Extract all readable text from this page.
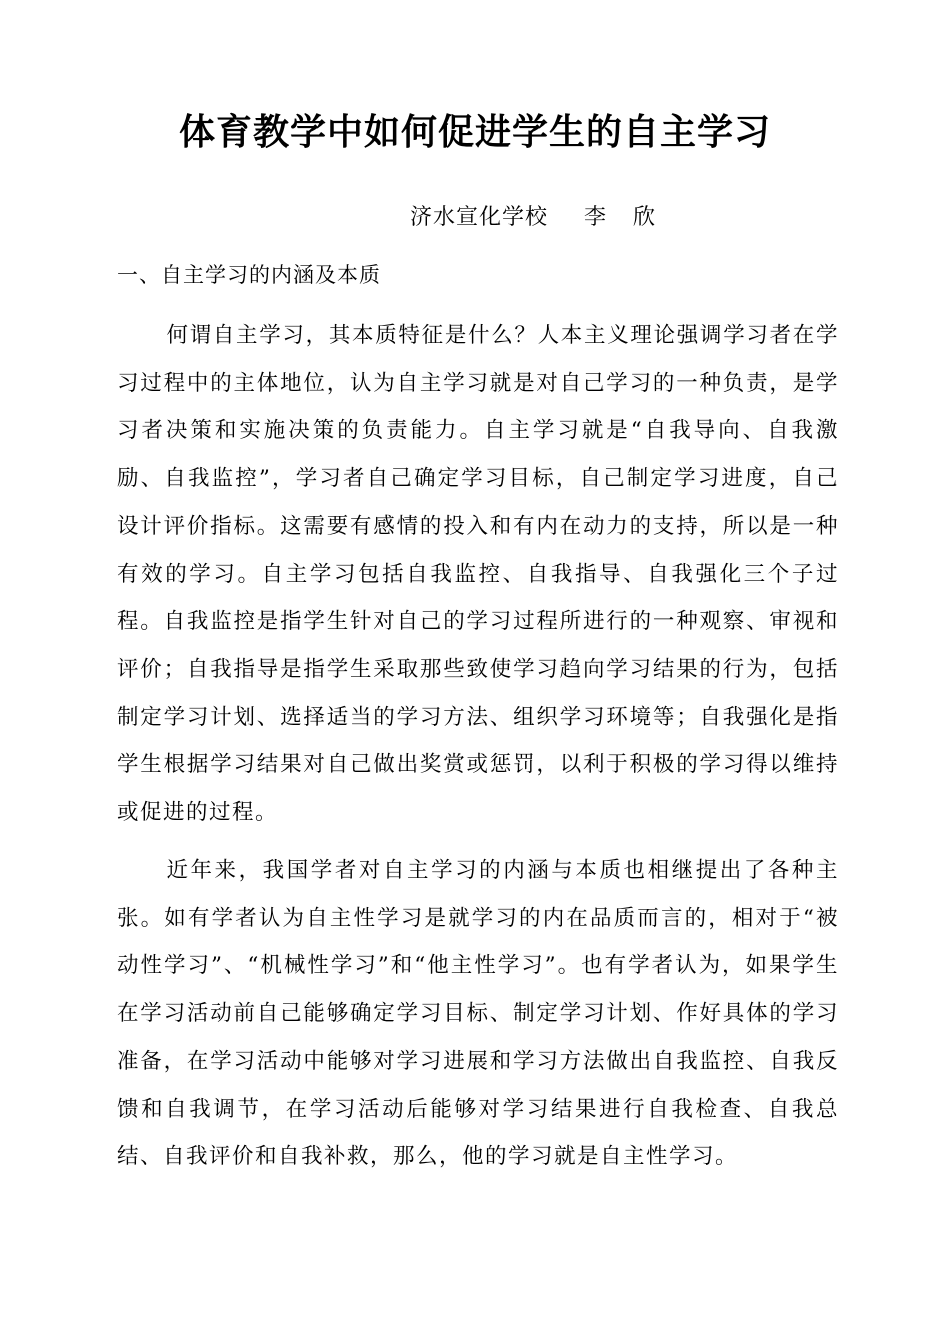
体育教学中如何促进学生的自主学习
济水宣化学校 李 欣
一、自主学习的内涵及本质

何谓自主学习，其本质特征是什么？人本主义理论强调学习者在学习过程中的主体地位，认为自主学习就是对自己学习的一种负责，是学习者决策和实施决策的负责能力。自主学习就是“自我导向、自我激励、自我监控”，学习者自己确定学习目标，自己制定学习进度，自己设计评价指标。这需要有感情的投入和有内在动力的支持，所以是一种有效的学习。自主学习包括自我监控、自我指导、自我强化三个子过程。自我监控是指学生针对自己的学习过程所进行的一种观察、审视和评价；自我指导是指学生采取那些致使学习趋向学习结果的行为，包括制定学习计划、选择适当的学习方法、组织学习环境等；自我强化是指学生根据学习结果对自己做出奖赏或惩罚，以利于积极的学习得以维持或促进的过程。

近年来，我国学者对自主学习的内涵与本质也相继提出了各种主张。如有学者认为自主性学习是就学习的内在品质而言的，相对于“被动性学习”、“机械性学习”和“他主性学习”。也有学者认为，如果学生在学习活动前自己能够确定学习目标、制定学习计划、作好具体的学习准备，在学习活动中能够对学习进展和学习方法做出自我监控、自我反馈和自我调节，在学习活动后能够对学习结果进行自我检查、自我总结、自我评价和自我补救，那么，他的学习就是自主性学习。
